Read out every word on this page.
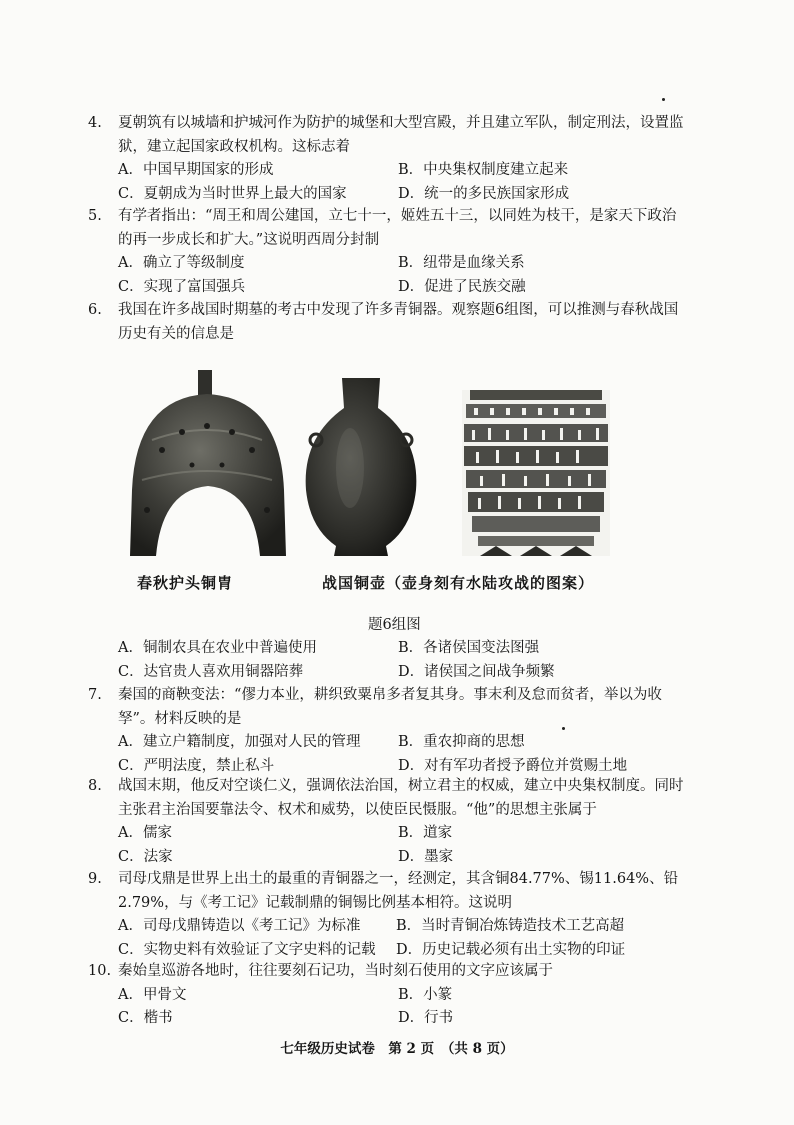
4.	夏朝筑有以城墙和护城河作为防护的城堡和大型宫殿，并且建立军队，制定刑法，设置监狱，建立起国家政权机构。这标志着
A．中国早期国家的形成	B．中央集权制度建立起来
C．夏朝成为当时世界上最大的国家	D．统一的多民族国家形成
5.	有学者指出：“周王和周公建国，立七十一，姬姓五十三，以同姓为枝干，是家天下政治的再一步成长和扩大。”这说明西周分封制
A．确立了等级制度	B．纽带是血缘关系
C．实现了富国强兵	D．促进了民族交融
6.	我国在许多战国时期墓的考古中发现了许多青铜器。观察题6组图，可以推测与春秋战国历史有关的信息是
春秋护头铜胄	战国铜壶（壶身刻有水陆攻战的图案）
题6组图
A．铜制农具在农业中普遍使用	B．各诸侯国变法图强
C．达官贵人喜欢用铜器陪葬	D．诸侯国之间战争频繁
7.	秦国的商鞅变法：“僇力本业，耕织致粟帛多者复其身。事末利及怠而贫者，举以为收孥”。材料反映的是
A．建立户籍制度，加强对人民的管理	B．重农抑商的思想
C．严明法度，禁止私斗	D．对有军功者授予爵位并赏赐土地
8.	战国末期，他反对空谈仁义，强调依法治国，树立君主的权威，建立中央集权制度。同时主张君主治国要靠法令、权术和威势，以使臣民慑服。“他”的思想主张属于
A．儒家	B．道家
C．法家	D．墨家
9.	司母戊鼎是世界上出土的最重的青铜器之一，经测定，其含铜84.77%、锡11.64%、铅2.79%，与《考工记》记载制鼎的铜锡比例基本相符。这说明
A．司母戊鼎铸造以《考工记》为标准	B．当时青铜冶炼铸造技术工艺高超
C．实物史料有效验证了文字史料的记载	D．历史记载必须有出土实物的印证
10. 秦始皇巡游各地时，往往要刻石记功，当时刻石使用的文字应该属于
A．甲骨文	B．小篆
C．楷书	D．行书
七年级历史试卷　第 2 页　（共 8 页）
